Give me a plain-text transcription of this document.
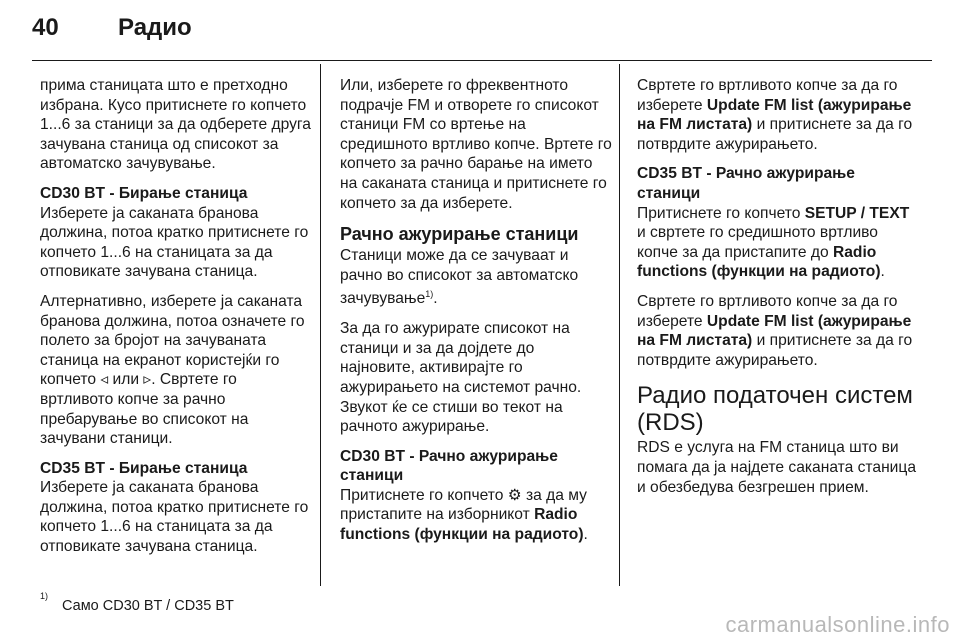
40 Радио

прима станицата што е претходно избрана. Кусо притиснете го копчето 1...6 за станици за да одберете друга зачувана станица од списокот за автоматско зачувување.

CD30 BT - Бирање станица

Изберете ја саканата бранова должина, потоа кратко притиснете го копчето 1...6 на станицата за да отповикате зачувана станица.

Алтернативно, изберете ја саканата бранова должина, потоа означете го полето за бројот на зачуваната станица на екранот користејќи го копчето ◃ или ▹. Свртете го вртливото копче за рачно пребарување во списокот на зачувани станици.

CD35 BT - Бирање станица

Изберете ја саканата бранова должина, потоа кратко притиснете го копчето 1...6 на станицата за да отповикате зачувана станица.

Или, изберете го фреквентното подрачје FM и отворете го списокот станици FM со вртење на средишното вртливо копче. Вртете го копчето за рачно барање на името на саканата станица и притиснете го копчето за да изберете.

Рачно ажурирање станици

Станици може да се зачуваат и рачно во списокот за автоматско зачувување$^{1)}$.

За да го ажурирате списокот на станици и за да дојдете до најновите, активирајте го ажурирањето на системот рачно. Звукот ќе се стиши во текот на рачното ажурирање.

CD30 BT - Рачно ажурирање станици

Притиснете го копчето ⚙ за да му пристапите на изборникот Radio functions (функции на радиото).

Свртете го вртливото копче за да го изберете Update FM list (ажурирање на FM листата) и притиснете за да го потврдите ажурирањето.

CD35 BT - Рачно ажурирање станици

Притиснете го копчето SETUP / TEXT и свртете го средишното вртливо копче за да пристапите до Radio functions (функции на радиото).

Свртете го вртливото копче за да го изберете Update FM list (ажурирање на FM листата) и притиснете за да го потврдите ажурирањето.

Радио податочен систем (RDS)

RDS е услуга на FM станица што ви помага да ја најдете саканата станица и обезбедува безгрешен прием.

$^{1)}$Само CD30 BT / CD35 BT
carmanualsonline.info
